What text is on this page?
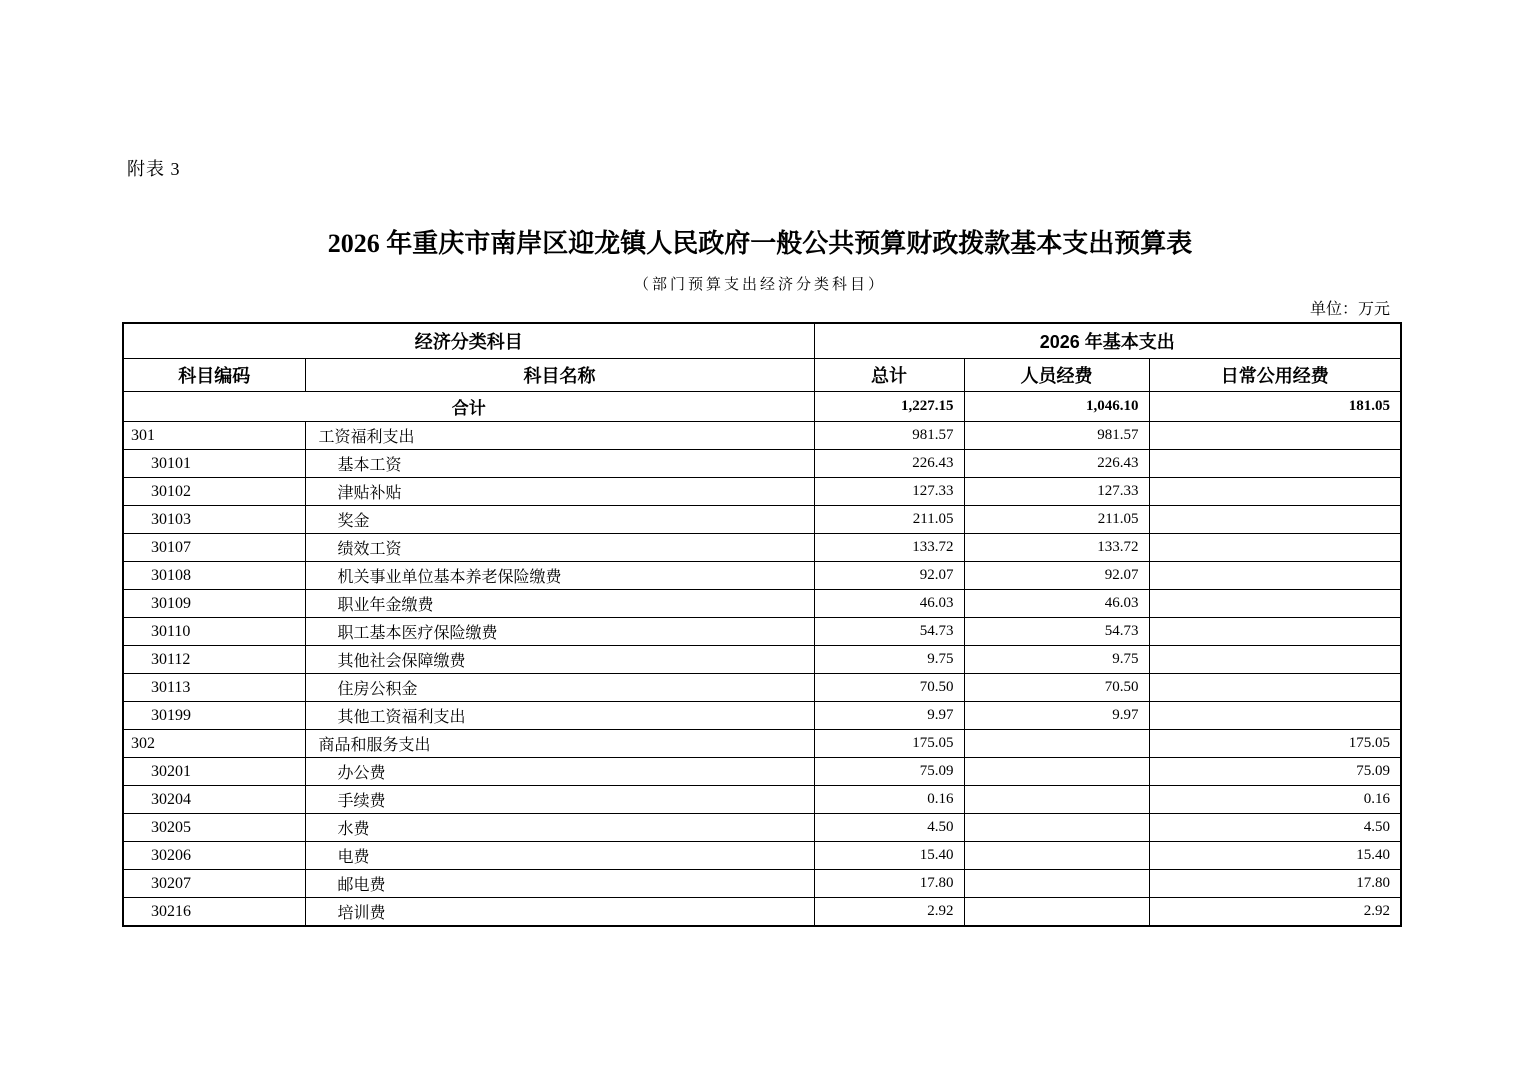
附表 3
2026 年重庆市南岸区迎龙镇人民政府一般公共预算财政拨款基本支出预算表
（部门预算支出经济分类科目）
单位：万元
经济分类科目		2026 年基本支出		
科目编码	科目名称	总计	人员经费	日常公用经费
合计		1,227.15	1,046.10	181.05
301	工资福利支出	981.57	981.57	
30101	基本工资	226.43	226.43	
30102	津贴补贴	127.33	127.33	
30103	奖金	211.05	211.05	
30107	绩效工资	133.72	133.72	
30108	机关事业单位基本养老保险缴费	92.07	92.07	
30109	职业年金缴费	46.03	46.03	
30110	职工基本医疗保险缴费	54.73	54.73	
30112	其他社会保障缴费	9.75	9.75	
30113	住房公积金	70.50	70.50	
30199	其他工资福利支出	9.97	9.97	
302	商品和服务支出	175.05		175.05
30201	办公费	75.09		75.09
30204	手续费	0.16		0.16
30205	水费	4.50		4.50
30206	电费	15.40		15.40
30207	邮电费	17.80		17.80
30216	培训费	2.92		2.92
